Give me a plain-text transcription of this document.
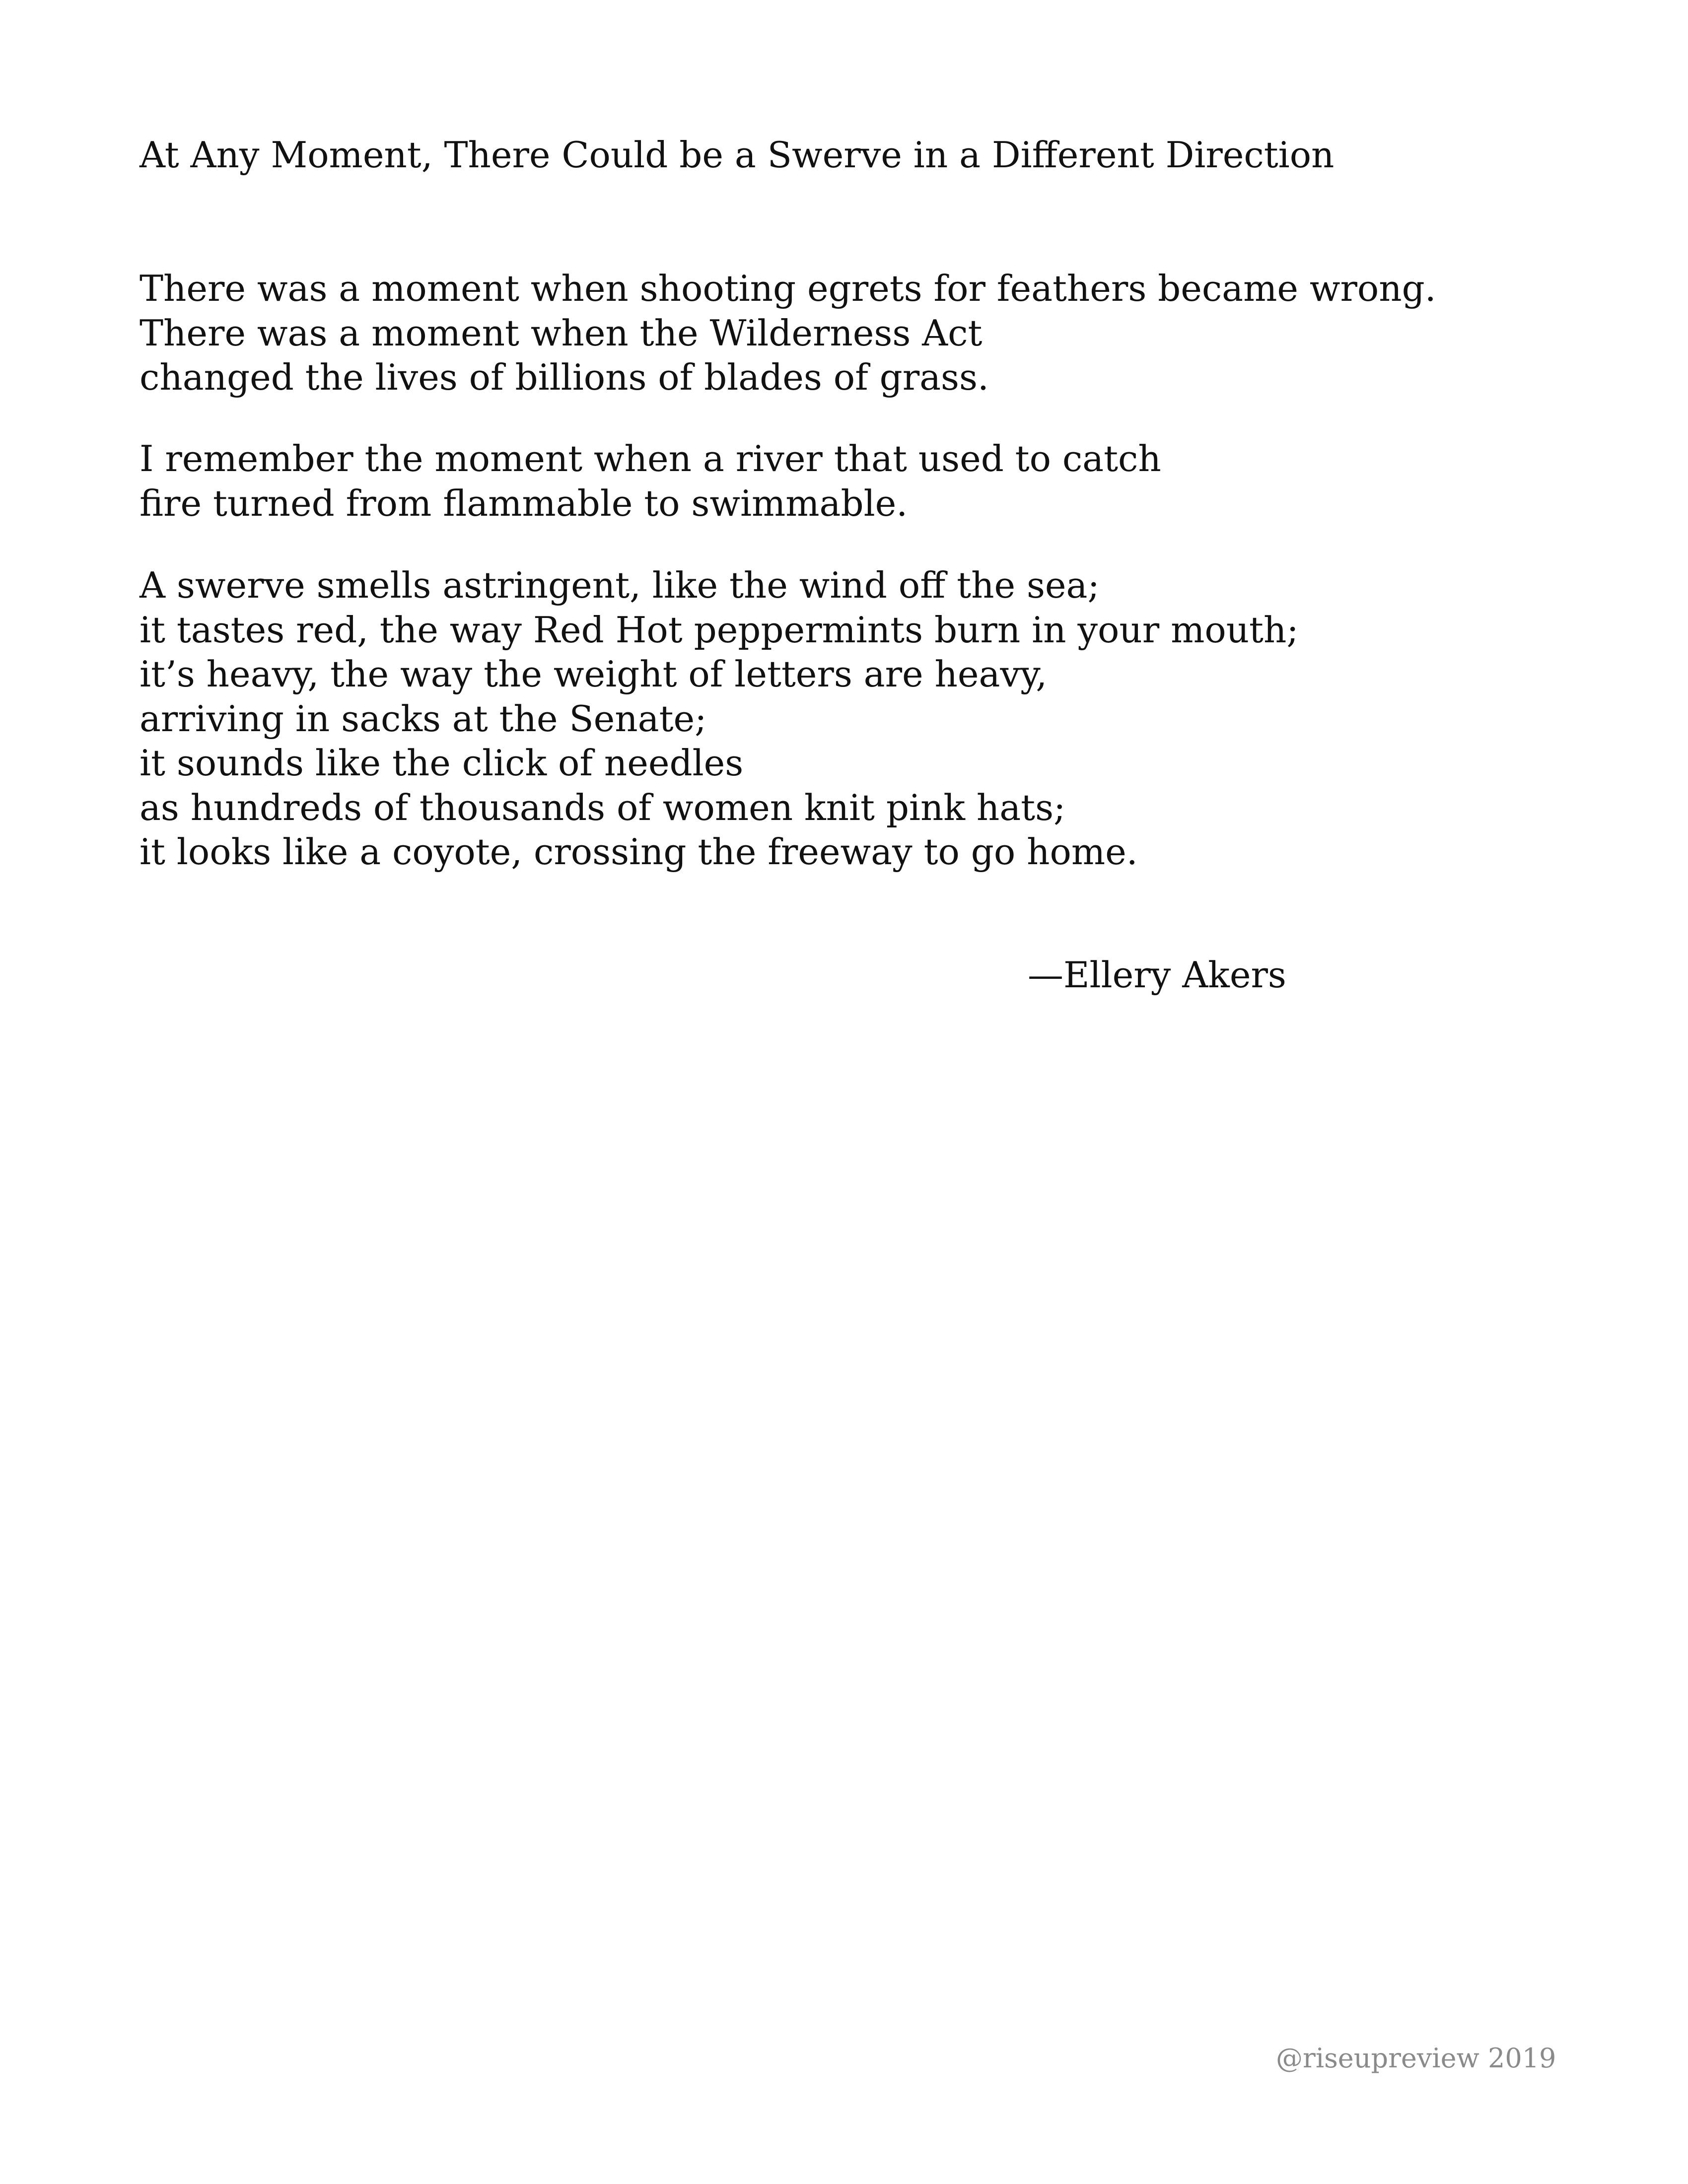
At Any Moment, There Could be a Swerve in a Different Direction

There was a moment when shooting egrets for feathers became wrong.
There was a moment when the Wilderness Act
changed the lives of billions of blades of grass.

I remember the moment when a river that used to catch
fire turned from flammable to swimmable.

A swerve smells astringent, like the wind off the sea;
it tastes red, the way Red Hot peppermints burn in your mouth;
it’s heavy, the way the weight of letters are heavy,
arriving in sacks at the Senate;
it sounds like the click of needles
as hundreds of thousands of women knit pink hats;
it looks like a coyote, crossing the freeway to go home.

—Ellery Akers
@riseupreview 2019
